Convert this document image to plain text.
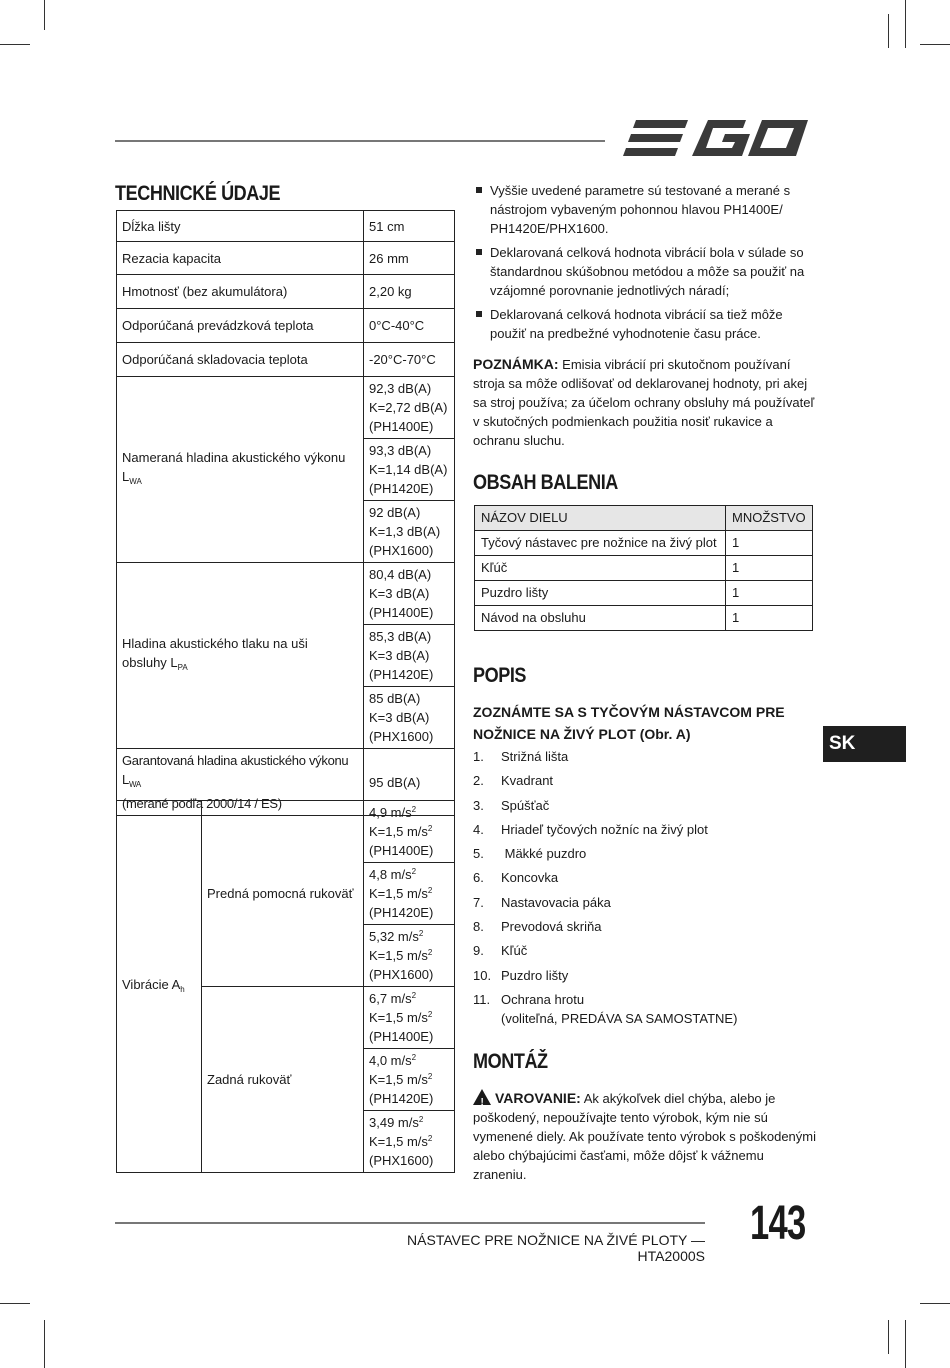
TECHNICKÉ ÚDAJE
Dĺžka lišty	51 cm
Rezacia kapacita	26 mm
Hmotnosť (bez akumulátora)	2,20 kg
Odporúčaná prevádzková teplota	0°C-40°C
Odporúčaná skladovacia teplota	-20°C-70°C
Nameraná hladina akustického výkonu $L_{WA}$	92,3 dB(A)
K=2,72 dB(A)
(PH1400E)
	93,3 dB(A)
K=1,14 dB(A)
(PH1420E)
	92 dB(A)
K=1,3 dB(A)
(PHX1600)
Hladina akustického tlaku na uši
obsluhy $L_{PA}$	80,4 dB(A)
K=3 dB(A)
(PH1400E)
	85,3 dB(A)
K=3 dB(A)
(PH1420E)
	85 dB(A)
K=3 dB(A)
(PHX1600)
Garantovaná hladina akustického výkonu $L_{WA}$
(merané podľa 2000/14 / ES)	95 dB(A)
Vibrácie $A_h$	Predná pomocná rukoväť	4,9 $m/s^2$
K=1,5 $m/s^2$
(PH1400E)
		4,8 $m/s^2$
K=1,5 $m/s^2$
(PH1420E)
		5,32 $m/s^2$
K=1,5 $m/s^2$
(PHX1600)
	Zadná rukoväť	6,7 $m/s^2$
K=1,5 $m/s^2$
(PH1400E)
		4,0 $m/s^2$
K=1,5 $m/s^2$
(PH1420E)
		3,49 $m/s^2$
K=1,5 $m/s^2$
(PHX1600)
Vyššie uvedené parametre sú testované a merané s nástrojom vybaveným pohonnou hlavou PH1400E/ PH1420E/PHX1600.
Deklarovaná celková hodnota vibrácií bola v súlade so štandardnou skúšobnou metódou a môže sa použiť na vzájomné porovnanie jednotlivých náradí;
Deklarovaná celková hodnota vibrácií sa tiež môže použiť na predbežné vyhodnotenie času práce.
POZNÁMKA: Emisia vibrácií pri skutočnom používaní stroja sa môže odlišovať od deklarovanej hodnoty, pri akej sa stroj používa; za účelom ochrany obsluhy má používateľ v skutočných podmienkach použitia nosiť rukavice a ochranu sluchu.
OBSAH BALENIA
NÁZOV DIELU	MNOŽSTVO
Tyčový nástavec pre nožnice na živý plot	1
Kľúč	1
Puzdro lišty	1
Návod na obsluhu	1
POPIS
ZOZNÁMTE SA S TYČOVÝM NÁSTAVCOM PRE
NOŽNICE NA ŽIVÝ PLOT (Obr. A)
1. Strižná lišta
2. Kvadrant
3. Spúšťač
4. Hriadeľ tyčových nožníc na živý plot
5. Mäkké puzdro
6. Koncovka
7. Nastavovacia páka
8. Prevodová skriňa
9. Kľúč
10. Puzdro lišty
11. Ochrana hrotu
(voliteľná, PREDÁVA SA SAMOSTATNE)
MONTÁŽ
! VAROVANIE: Ak akýkoľvek diel chýba, alebo je poškodený, nepoužívajte tento výrobok, kým nie sú vymenené diely. Ak používate tento výrobok s poškodenými alebo chýbajúcimi časťami, môže dôjsť k vážnemu zraneniu.
SK
NÁSTAVEC PRE NOŽNICE NA ŽIVÉ PLOTY — HTA2000S
143
